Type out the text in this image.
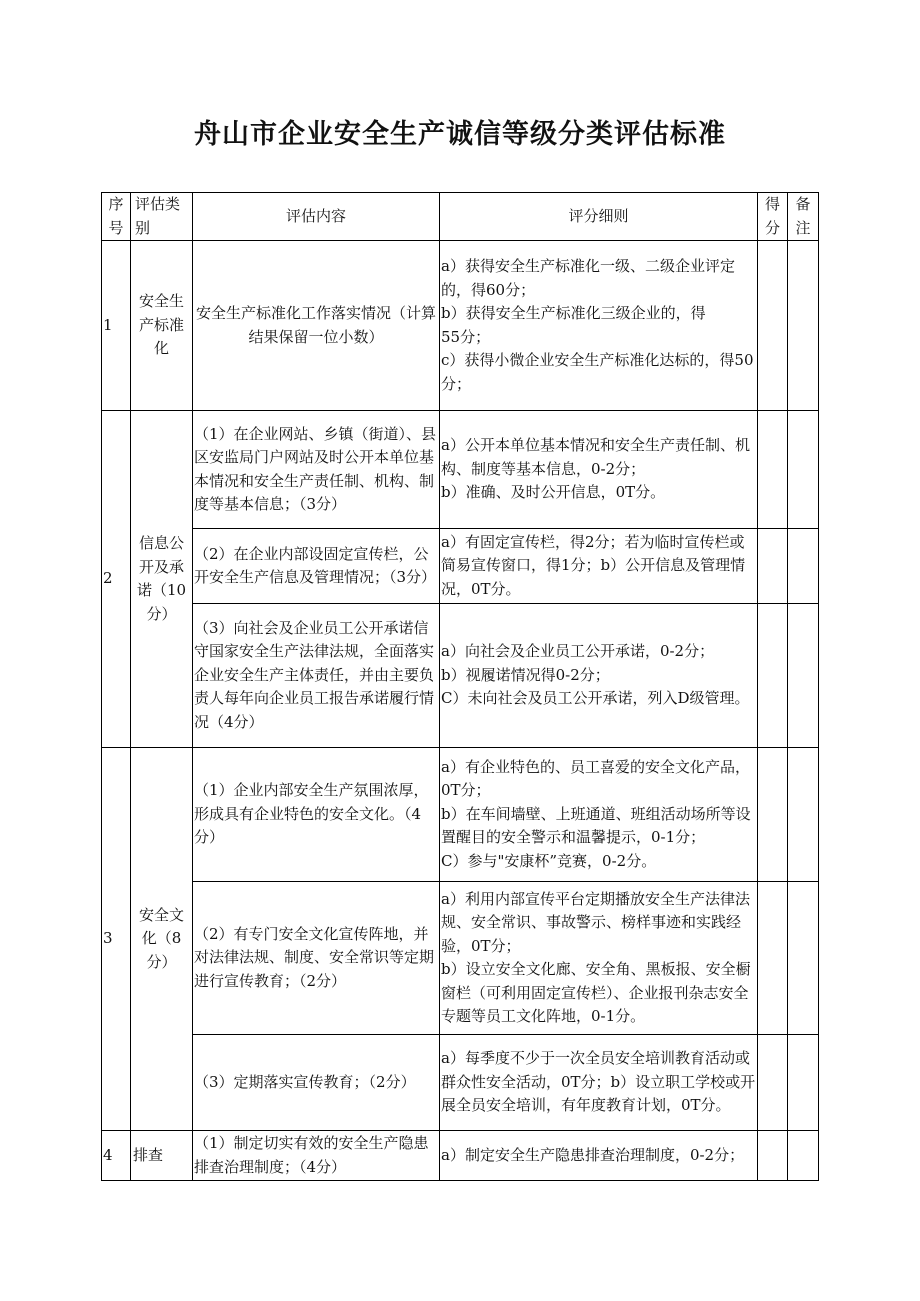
舟山市企业安全生产诚信等级分类评估标准
序号	评估类别	评估内容	评分细则	得分	备注
1	安全生产标准化	安全生产标准化工作落实情况（计算结果保留一位小数）	a）获得安全生产标准化一级、二级企业评定的，得60分；
b）获得安全生产标准化三级企业的，得
55分；
c）获得小微企业安全生产标准化达标的，得50分；		

2	信息公开及承诺（10分）	（1）在企业网站、乡镇（街道）、县区安监局门户网站及时公开本单位基本情况和安全生产责任制、机构、制度等基本信息；（3分）	a）公开本单位基本情况和安全生产责任制、机构、制度等基本信息，0-2分；
b）准确、及时公开信息，0T分。		

		（2）在企业内部设固定宣传栏，公开安全生产信息及管理情况；（3分）	a）有固定宣传栏，得2分；若为临时宣传栏或简易宣传窗口，得1分；b）公开信息及管理情况，0T分。		

		（3）向社会及企业员工公开承诺信守国家安全生产法律法规，全面落实企业安全生产主体责任，并由主要负责人每年向企业员工报告承诺履行情况（4分）	a）向社会及企业员工公开承诺，0-2分；
b）视履诺情况得0-2分；
C）未向社会及员工公开承诺，列入D级管理。		

3	安全文化（8分）	（1）企业内部安全生产氛围浓厚，形成具有企业特色的安全文化。（4分）	a）有企业特色的、员工喜爱的安全文化产品，0T分；
b）在车间墙壁、上班通道、班组活动场所等设置醒目的安全警示和温馨提示，0-1分；
C）参与"安康杯”竞赛，0-2分。		

		（2）有专门安全文化宣传阵地，并对法律法规、制度、安全常识等定期进行宣传教育；（2分）	a）利用内部宣传平台定期播放安全生产法律法规、安全常识、事故警示、榜样事迹和实践经验，0T分；
b）设立安全文化廊、安全角、黑板报、安全橱窗栏（可利用固定宣传栏）、企业报刊杂志安全专题等员工文化阵地，0-1分。		

		（3）定期落实宣传教育；（2分）	a）每季度不少于一次全员安全培训教育活动或群众性安全活动，0T分；b）设立职工学校或开展全员安全培训，有年度教育计划，0T分。		

4	排查	（1）制定切实有效的安全生产隐患排查治理制度；（4分）	a）制定安全生产隐患排查治理制度，0-2分；		
